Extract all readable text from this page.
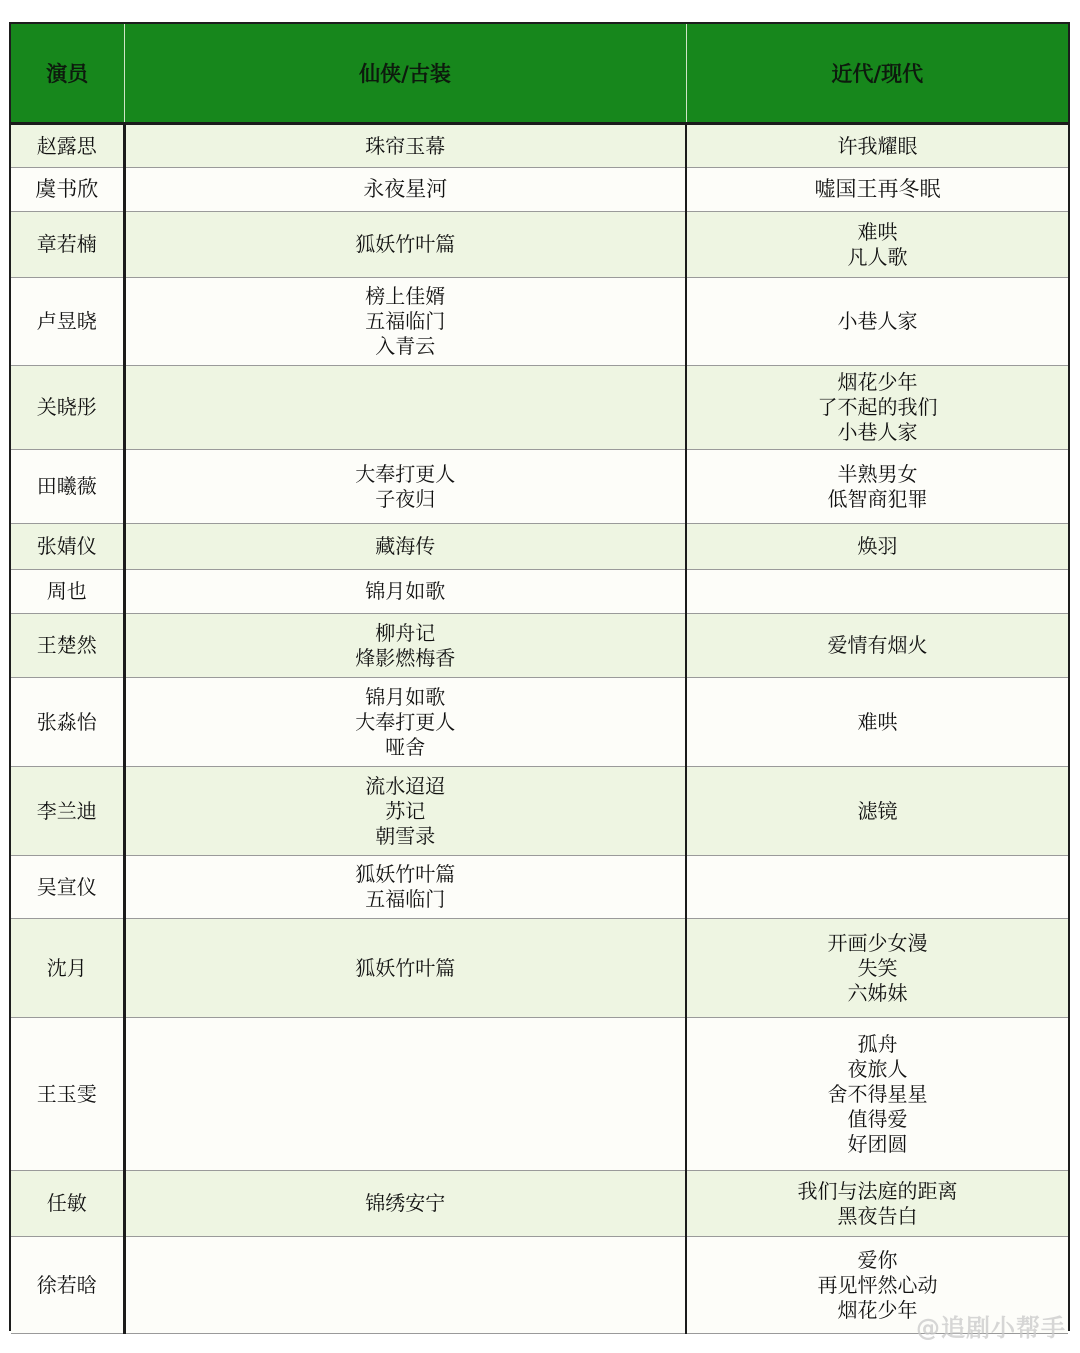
演员	仙侠/古装	近代/现代
赵露思	珠帘玉幕	许我耀眼

虞书欣	永夜星河	嘘国王再冬眠

章若楠	狐妖竹叶篇	难哄
凡人歌

卢昱晓	榜上佳婿
五福临门
入青云	小巷人家

关晓彤		烟花少年
了不起的我们
小巷人家

田曦薇	大奉打更人
子夜归	半熟男女
低智商犯罪

张婧仪	藏海传	焕羽

周也	锦月如歌	

王楚然	柳舟记
烽影燃梅香	爱情有烟火

张淼怡	锦月如歌
大奉打更人
哑舍	难哄

李兰迪	流水迢迢
苏记
朝雪录	滤镜

吴宣仪	狐妖竹叶篇
五福临门	

沈月	狐妖竹叶篇	开画少女漫
失笑
六姊妹

王玉雯		孤舟
夜旅人
舍不得星星
值得爱
好团圆

任敏	锦绣安宁	我们与法庭的距离
黑夜告白

徐若晗		爱你
再见怦然心动
烟花少年
@追剧小帮手
